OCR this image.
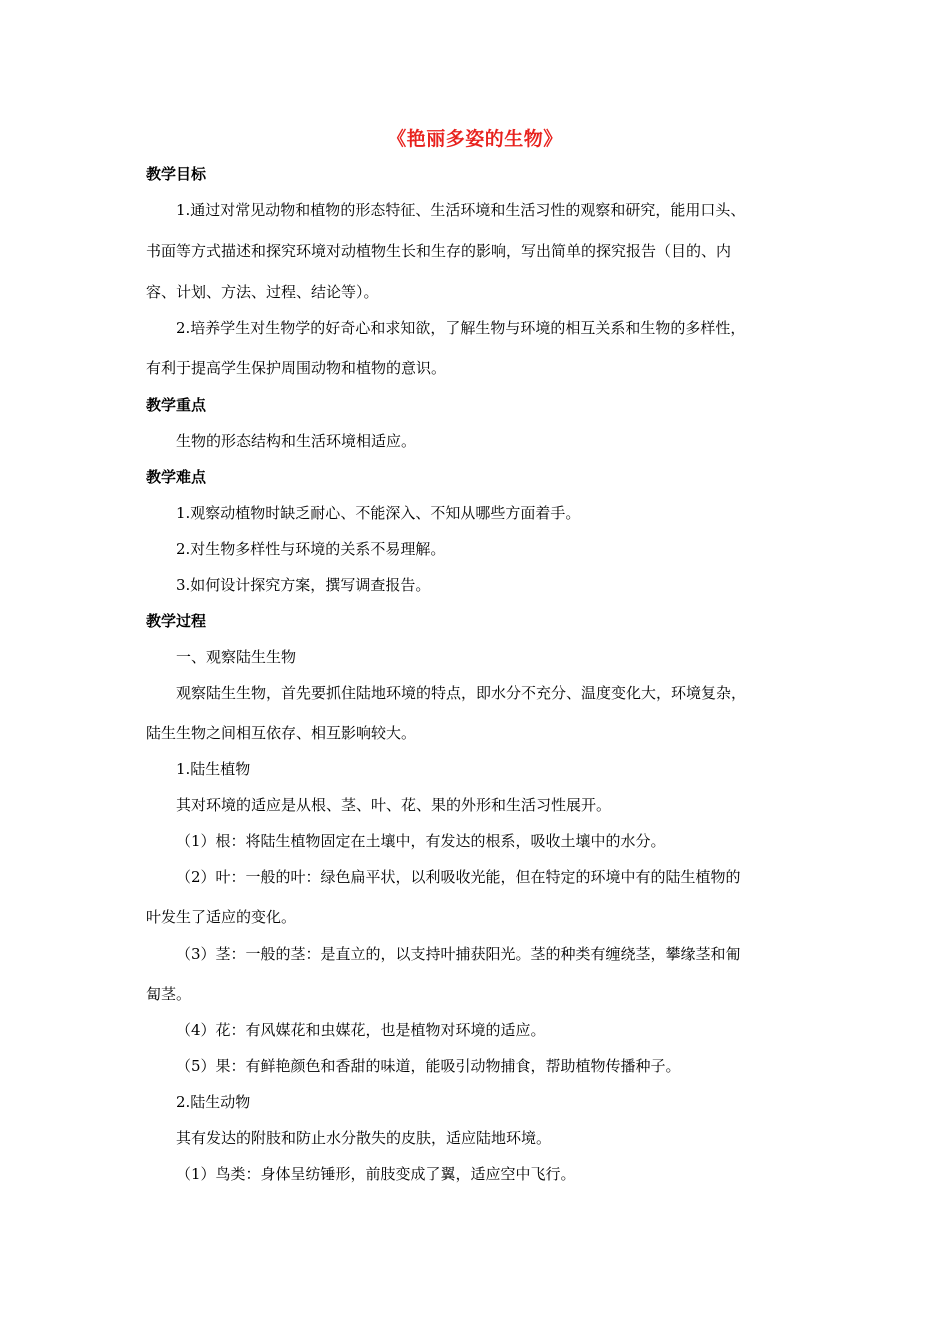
《艳丽多姿的生物》
教学目标
1.通过对常见动物和植物的形态特征、生活环境和生活习性的观察和研究，能用口头、
书面等方式描述和探究环境对动植物生长和生存的影响，写出简单的探究报告（目的、内
容、计划、方法、过程、结论等）。
2.培养学生对生物学的好奇心和求知欲，了解生物与环境的相互关系和生物的多样性，
有利于提高学生保护周围动物和植物的意识。
教学重点
生物的形态结构和生活环境相适应。
教学难点
1.观察动植物时缺乏耐心、不能深入、不知从哪些方面着手。
2.对生物多样性与环境的关系不易理解。
3.如何设计探究方案，撰写调查报告。
教学过程
一、观察陆生生物
观察陆生生物，首先要抓住陆地环境的特点，即水分不充分、温度变化大，环境复杂，
陆生生物之间相互依存、相互影响较大。
1.陆生植物
其对环境的适应是从根、茎、叶、花、果的外形和生活习性展开。
（1）根：将陆生植物固定在土壤中，有发达的根系，吸收土壤中的水分。
（2）叶：一般的叶：绿色扁平状，以利吸收光能，但在特定的环境中有的陆生植物的
叶发生了适应的变化。
（3）茎：一般的茎：是直立的，以支持叶捕获阳光。茎的种类有缠绕茎，攀缘茎和匍
匐茎。
（4）花：有风媒花和虫媒花，也是植物对环境的适应。
（5）果：有鲜艳颜色和香甜的味道，能吸引动物捕食，帮助植物传播种子。
2.陆生动物
其有发达的附肢和防止水分散失的皮肤，适应陆地环境。
（1）鸟类：身体呈纺锤形，前肢变成了翼，适应空中飞行。
